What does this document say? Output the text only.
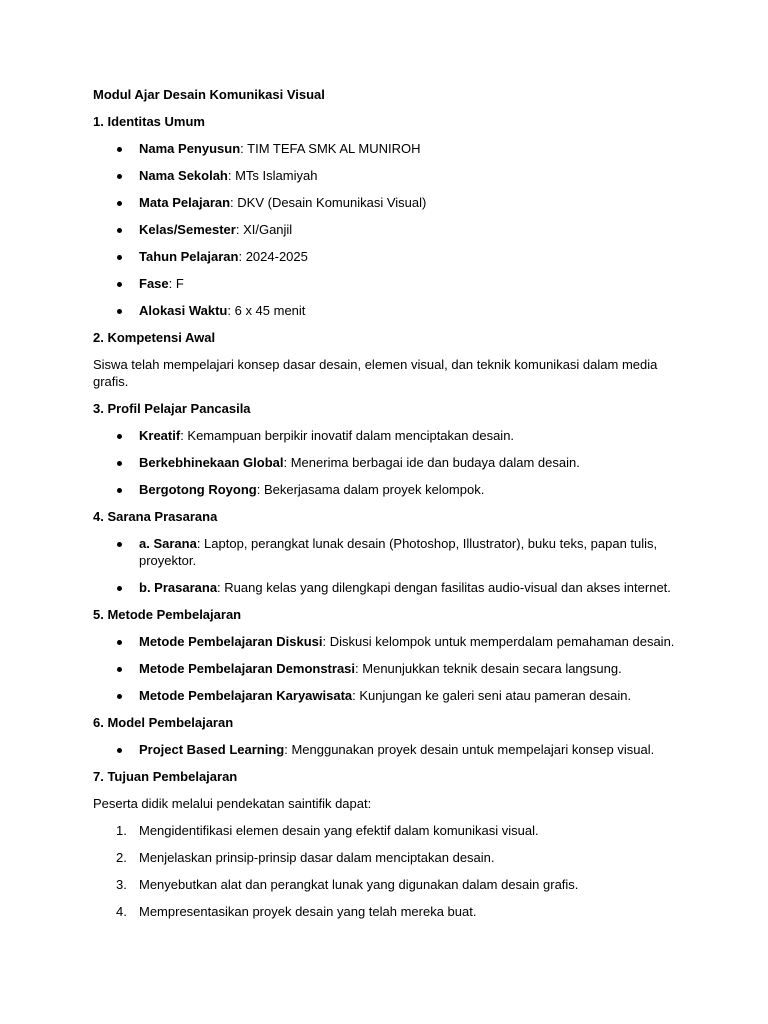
Modul Ajar Desain Komunikasi Visual

1. Identitas Umum

Nama Penyusun: TIM TEFA SMK AL MUNIROH
Nama Sekolah: MTs Islamiyah
Mata Pelajaran: DKV (Desain Komunikasi Visual)
Kelas/Semester: XI/Ganjil
Tahun Pelajaran: 2024-2025
Fase: F
Alokasi Waktu: 6 x 45 menit

2. Kompetensi Awal

Siswa telah mempelajari konsep dasar desain, elemen visual, dan teknik komunikasi dalam media grafis.

3. Profil Pelajar Pancasila

Kreatif: Kemampuan berpikir inovatif dalam menciptakan desain.
Berkebhinekaan Global: Menerima berbagai ide dan budaya dalam desain.
Bergotong Royong: Bekerjasama dalam proyek kelompok.

4. Sarana Prasarana

a. Sarana: Laptop, perangkat lunak desain (Photoshop, Illustrator), buku teks, papan tulis, proyektor.
b. Prasarana: Ruang kelas yang dilengkapi dengan fasilitas audio-visual dan akses internet.

5. Metode Pembelajaran

Metode Pembelajaran Diskusi: Diskusi kelompok untuk memperdalam pemahaman desain.
Metode Pembelajaran Demonstrasi: Menunjukkan teknik desain secara langsung.
Metode Pembelajaran Karyawisata: Kunjungan ke galeri seni atau pameran desain.

6. Model Pembelajaran

Project Based Learning: Menggunakan proyek desain untuk mempelajari konsep visual.

7. Tujuan Pembelajaran

Peserta didik melalui pendekatan saintifik dapat:

1. Mengidentifikasi elemen desain yang efektif dalam komunikasi visual.
2. Menjelaskan prinsip-prinsip dasar dalam menciptakan desain.
3. Menyebutkan alat dan perangkat lunak yang digunakan dalam desain grafis.
4. Mempresentasikan proyek desain yang telah mereka buat.
